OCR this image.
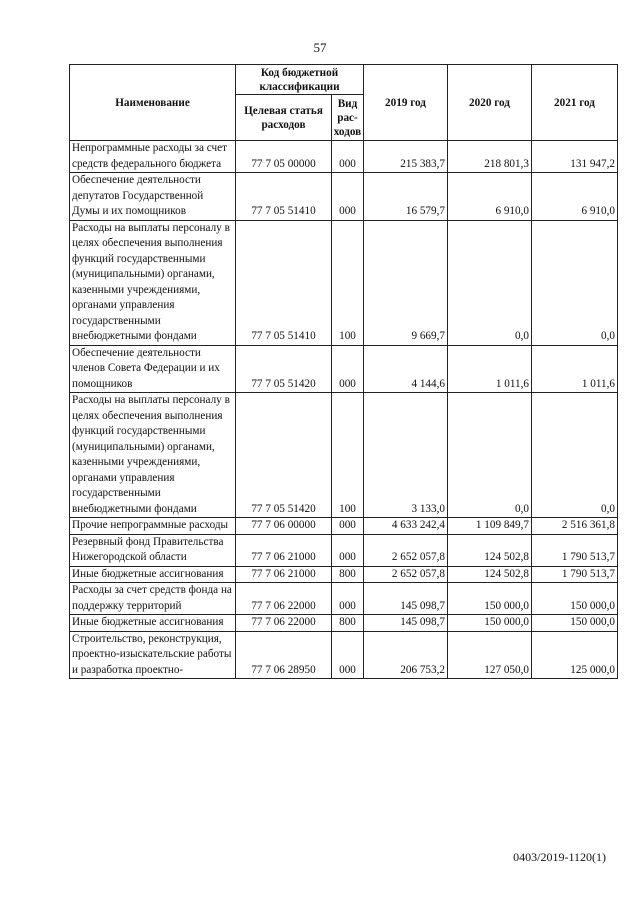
57
Наименование	Код бюджетной классификации		2019 год	2020 год	2021 год
	Целевая статья расходов	Вид рас-ходов			
Непрограммные расходы за счет средств федерального бюджета	77 7 05 00000	000	215 383,7	218 801,3	131 947,2
Обеспечение деятельности депутатов Государственной Думы и их помощников	77 7 05 51410	000	16 579,7	6 910,0	6 910,0
Расходы на выплаты персоналу в целях обеспечения выполнения функций государственными (муниципальными) органами, казенными учреждениями, органами управления государственными внебюджетными фондами	77 7 05 51410	100	9 669,7	0,0	0,0
Обеспечение деятельности членов Совета Федерации и их помощников	77 7 05 51420	000	4 144,6	1 011,6	1 011,6
Расходы на выплаты персоналу в целях обеспечения выполнения функций государственными (муниципальными) органами, казенными учреждениями, органами управления государственными внебюджетными фондами	77 7 05 51420	100	3 133,0	0,0	0,0
Прочие непрограммные расходы	77 7 06 00000	000	4 633 242,4	1 109 849,7	2 516 361,8
Резервный фонд Правительства Нижегородской области	77 7 06 21000	000	2 652 057,8	124 502,8	1 790 513,7
Иные бюджетные ассигнования	77 7 06 21000	800	2 652 057,8	124 502,8	1 790 513,7
Расходы за счет средств фонда на поддержку территорий	77 7 06 22000	000	145 098,7	150 000,0	150 000,0
Иные бюджетные ассигнования	77 7 06 22000	800	145 098,7	150 000,0	150 000,0
Строительство, реконструкция, проектно-изыскательские работы и разработка проектно-	77 7 06 28950	000	206 753,2	127 050,0	125 000,0
0403/2019-1120(1)
